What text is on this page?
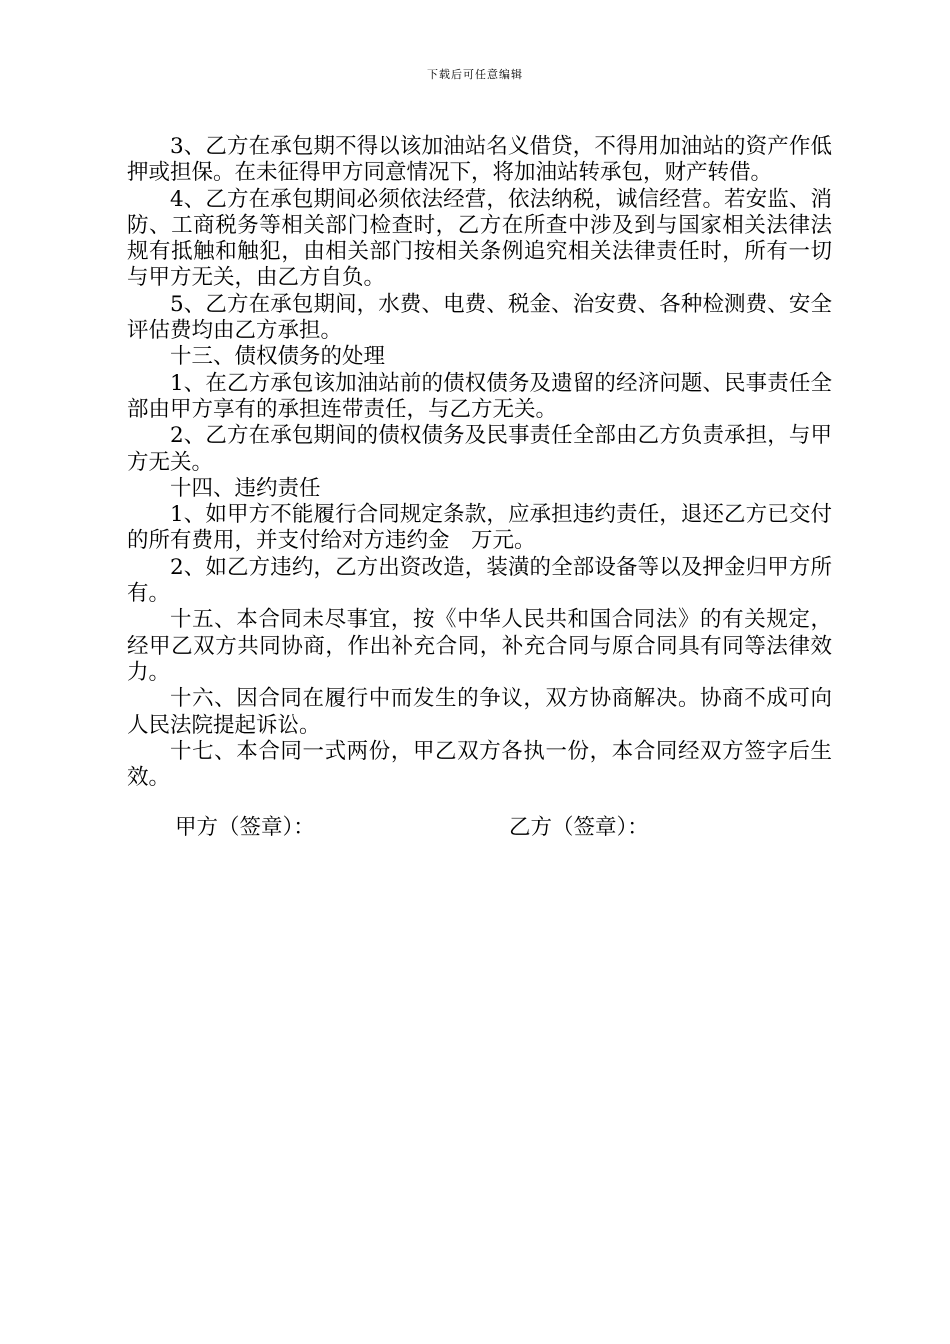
下载后可任意编辑

3、乙方在承包期不得以该加油站名义借贷，不得用加油站的资产作低押或担保。在未征得甲方同意情况下，将加油站转承包，财产转借。

4、乙方在承包期间必须依法经营，依法纳税，诚信经营。若安监、消防、工商税务等相关部门检查时，乙方在所查中涉及到与国家相关法律法规有抵触和触犯，由相关部门按相关条例追究相关法律责任时，所有一切与甲方无关，由乙方自负。

5、乙方在承包期间，水费、电费、税金、治安费、各种检测费、安全评估费均由乙方承担。

十三、债权债务的处理

1、在乙方承包该加油站前的债权债务及遗留的经济问题、民事责任全部由甲方享有的承担连带责任，与乙方无关。

2、乙方在承包期间的债权债务及民事责任全部由乙方负责承担，与甲方无关。

十四、违约责任

1、如甲方不能履行合同规定条款，应承担违约责任，退还乙方已交付的所有费用，并支付给对方违约金　万元。

2、如乙方违约，乙方出资改造，装潢的全部设备等以及押金归甲方所有。

十五、本合同未尽事宜，按《中华人民共和国合同法》的有关规定，经甲乙双方共同协商，作出补充合同，补充合同与原合同具有同等法律效力。

十六、因合同在履行中而发生的争议，双方协商解决。协商不成可向人民法院提起诉讼。

十七、本合同一式两份，甲乙双方各执一份，本合同经双方签字后生效。

甲方（签章）：	乙方（签章）：
